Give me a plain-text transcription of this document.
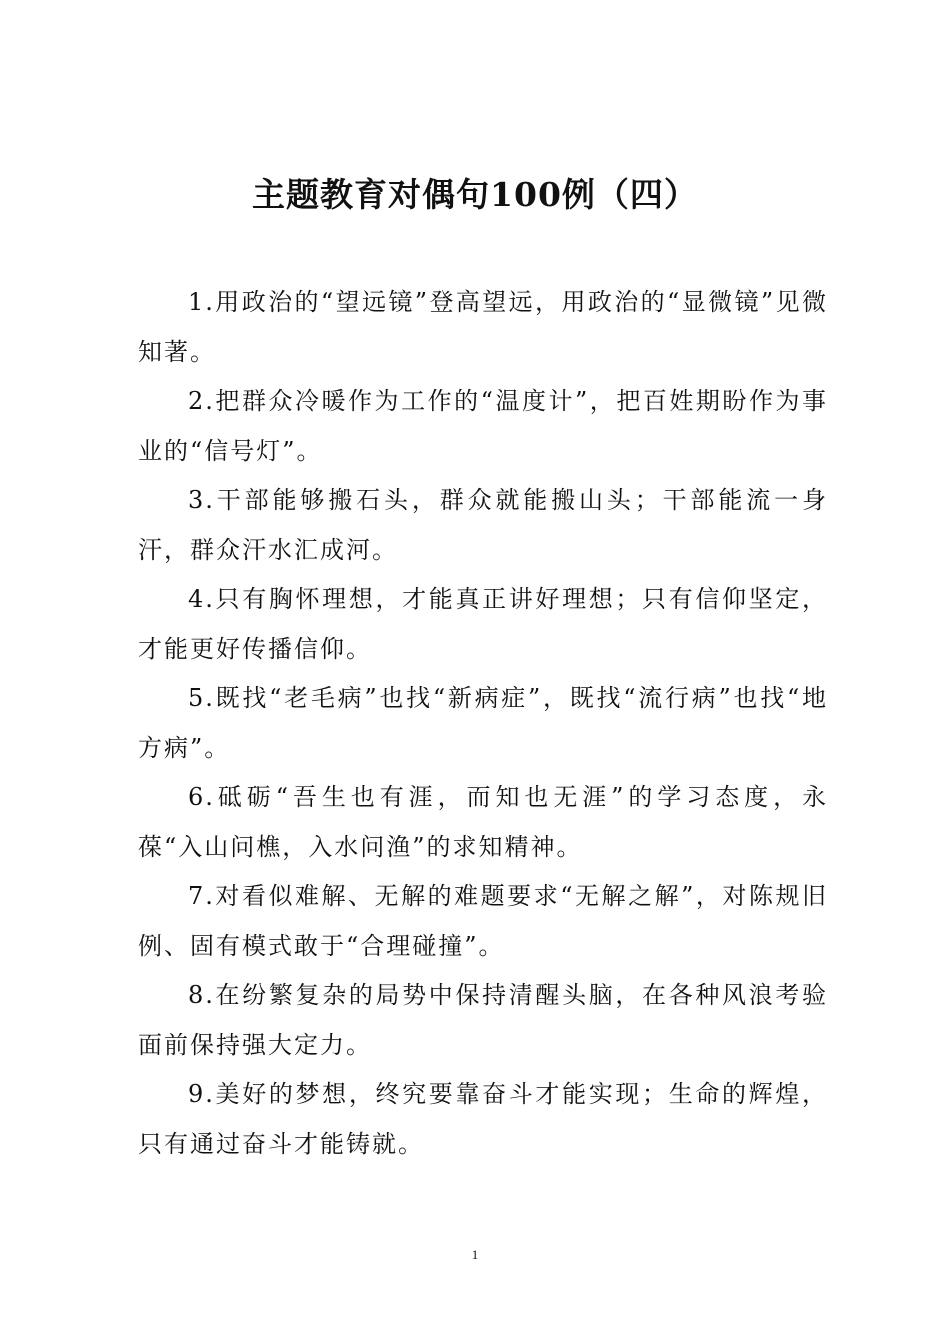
主题教育对偶句100例（四）

1.用政治的“望远镜”登高望远，用政治的“显微镜”见微知著。

2.把群众冷暖作为工作的“温度计”，把百姓期盼作为事业的“信号灯”。

3.干部能够搬石头，群众就能搬山头；干部能流一身汗，群众汗水汇成河。

4.只有胸怀理想，才能真正讲好理想；只有信仰坚定，才能更好传播信仰。

5.既找“老毛病”也找“新病症”，既找“流行病”也找“地方病”。

6.砥砺“吾生也有涯，而知也无涯”的学习态度，永葆“入山问樵，入水问渔”的求知精神。

7.对看似难解、无解的难题要求“无解之解”，对陈规旧例、固有模式敢于“合理碰撞”。

8.在纷繁复杂的局势中保持清醒头脑，在各种风浪考验面前保持强大定力。

9.美好的梦想，终究要靠奋斗才能实现；生命的辉煌，只有通过奋斗才能铸就。

1
